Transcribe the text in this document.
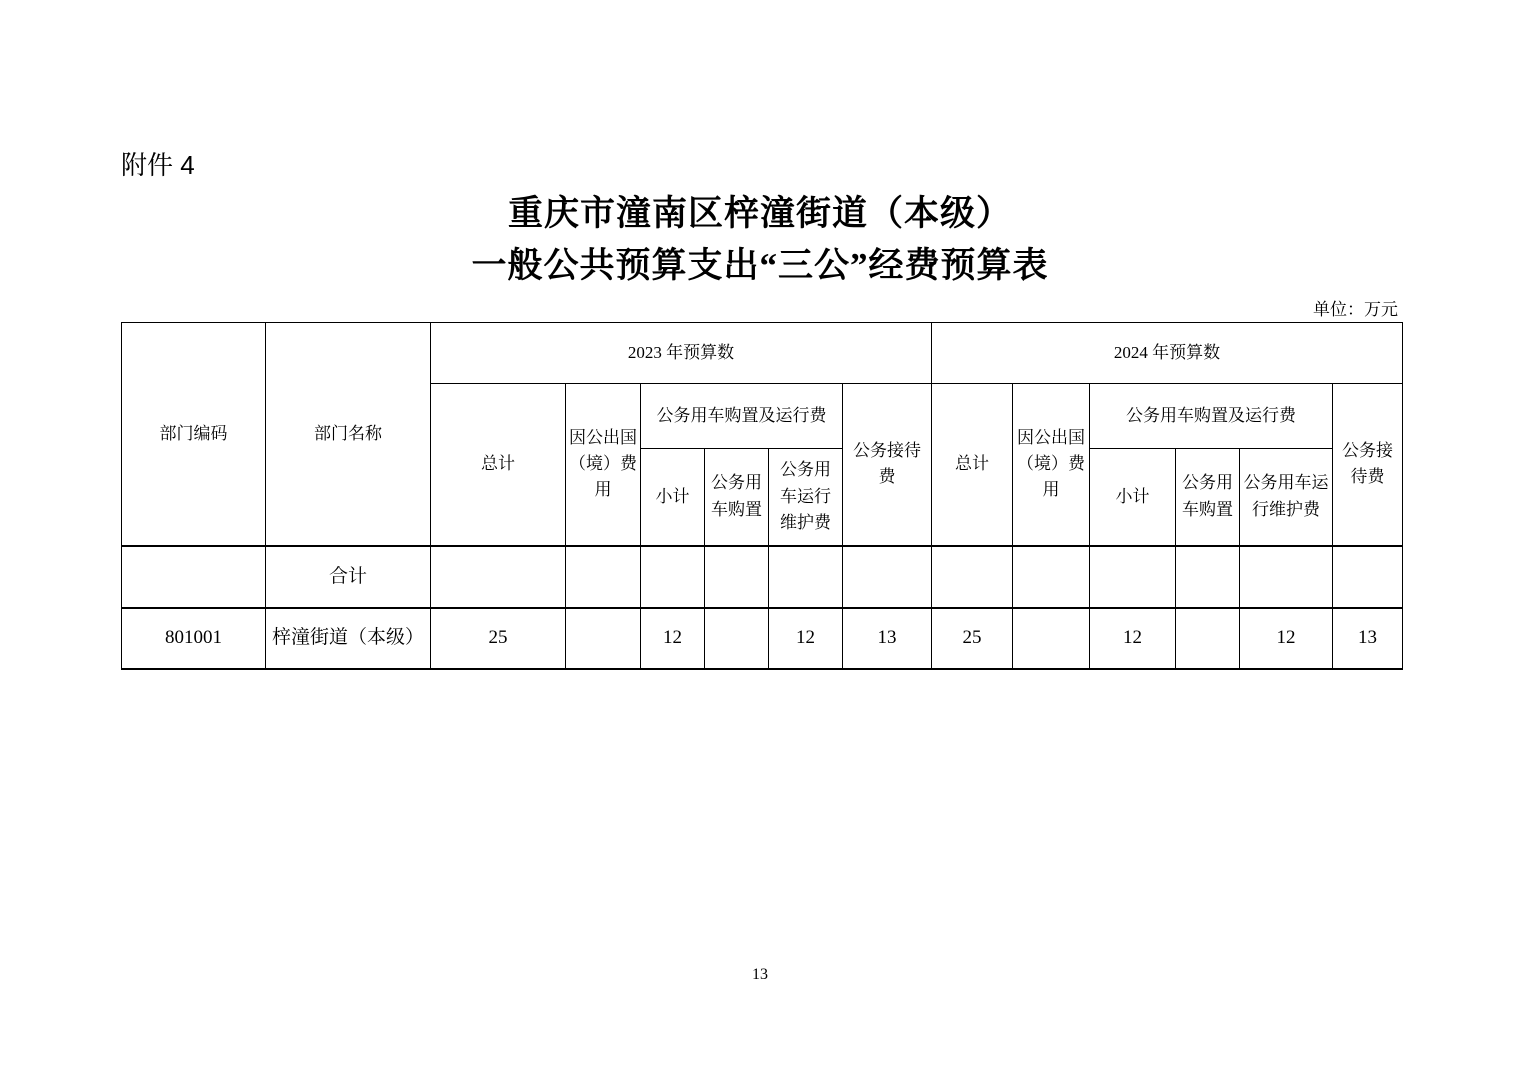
附件 4
重庆市潼南区梓潼街道（本级）
一般公共预算支出“三公”经费预算表
单位：万元
部门编码	部门名称	2023 年预算数						2024 年预算数					
		总计	因公出国（境）费用	公务用车购置及运行费			公务接待费	总计	因公出国（境）费用	公务用车购置及运行费			公务接待费
				小计	公务用车购置	公务用车运行维护费				小计	公务用车购置	公务用车运行维护费	
	合计												
801001	梓潼街道（本级）	25		12		12	13	25		12		12	13
13
